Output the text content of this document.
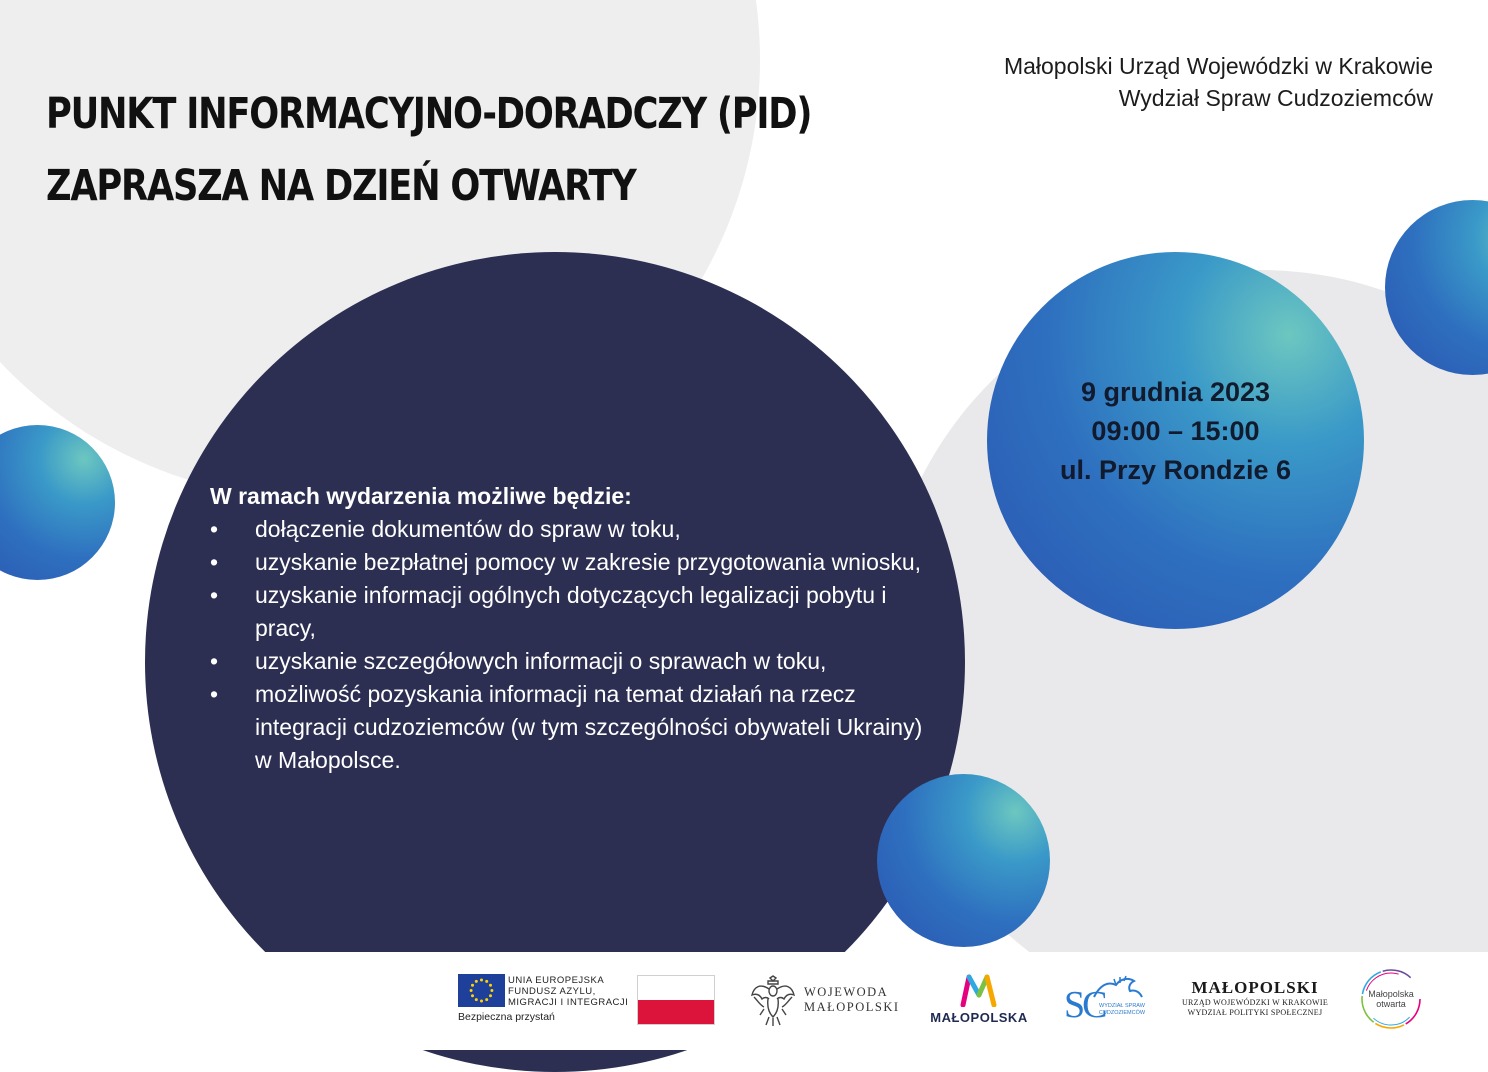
PUNKT INFORMACYJNO-DORADCZY (PID)
ZAPRASZA NA DZIEŃ OTWARTY
Małopolski Urząd Wojewódzki w Krakowie
Wydział Spraw Cudzoziemców
9 grudnia 2023
09:00 – 15:00
ul. Przy Rondzie 6
W ramach wydarzenia możliwe będzie:
• dołączenie dokumentów do spraw w toku,
• uzyskanie bezpłatnej pomocy w zakresie przygotowania wniosku,
• uzyskanie informacji ogólnych dotyczących legalizacji pobytu i pracy,
• uzyskanie szczegółowych informacji o sprawach w toku,
• możliwość pozyskania informacji na temat działań na rzecz integracji cudzoziemców (w tym szczególności obywateli Ukrainy) w Małopolsce.
UNIA EUROPEJSKA
FUNDUSZ AZYLU,
MIGRACJI I INTEGRACJI
Bezpieczna przystań
WOJEWODA
MAŁOPOLSKI
MAŁOPOLSKA SC
WYDZIAŁ SPRAW
CUDZOZIEMCÓW
MAŁOPOLSKI
URZĄD WOJEWÓDZKI W KRAKOWIE
WYDZIAŁ POLITYKI SPOŁECZNEJ
Małopolska
otwarta
